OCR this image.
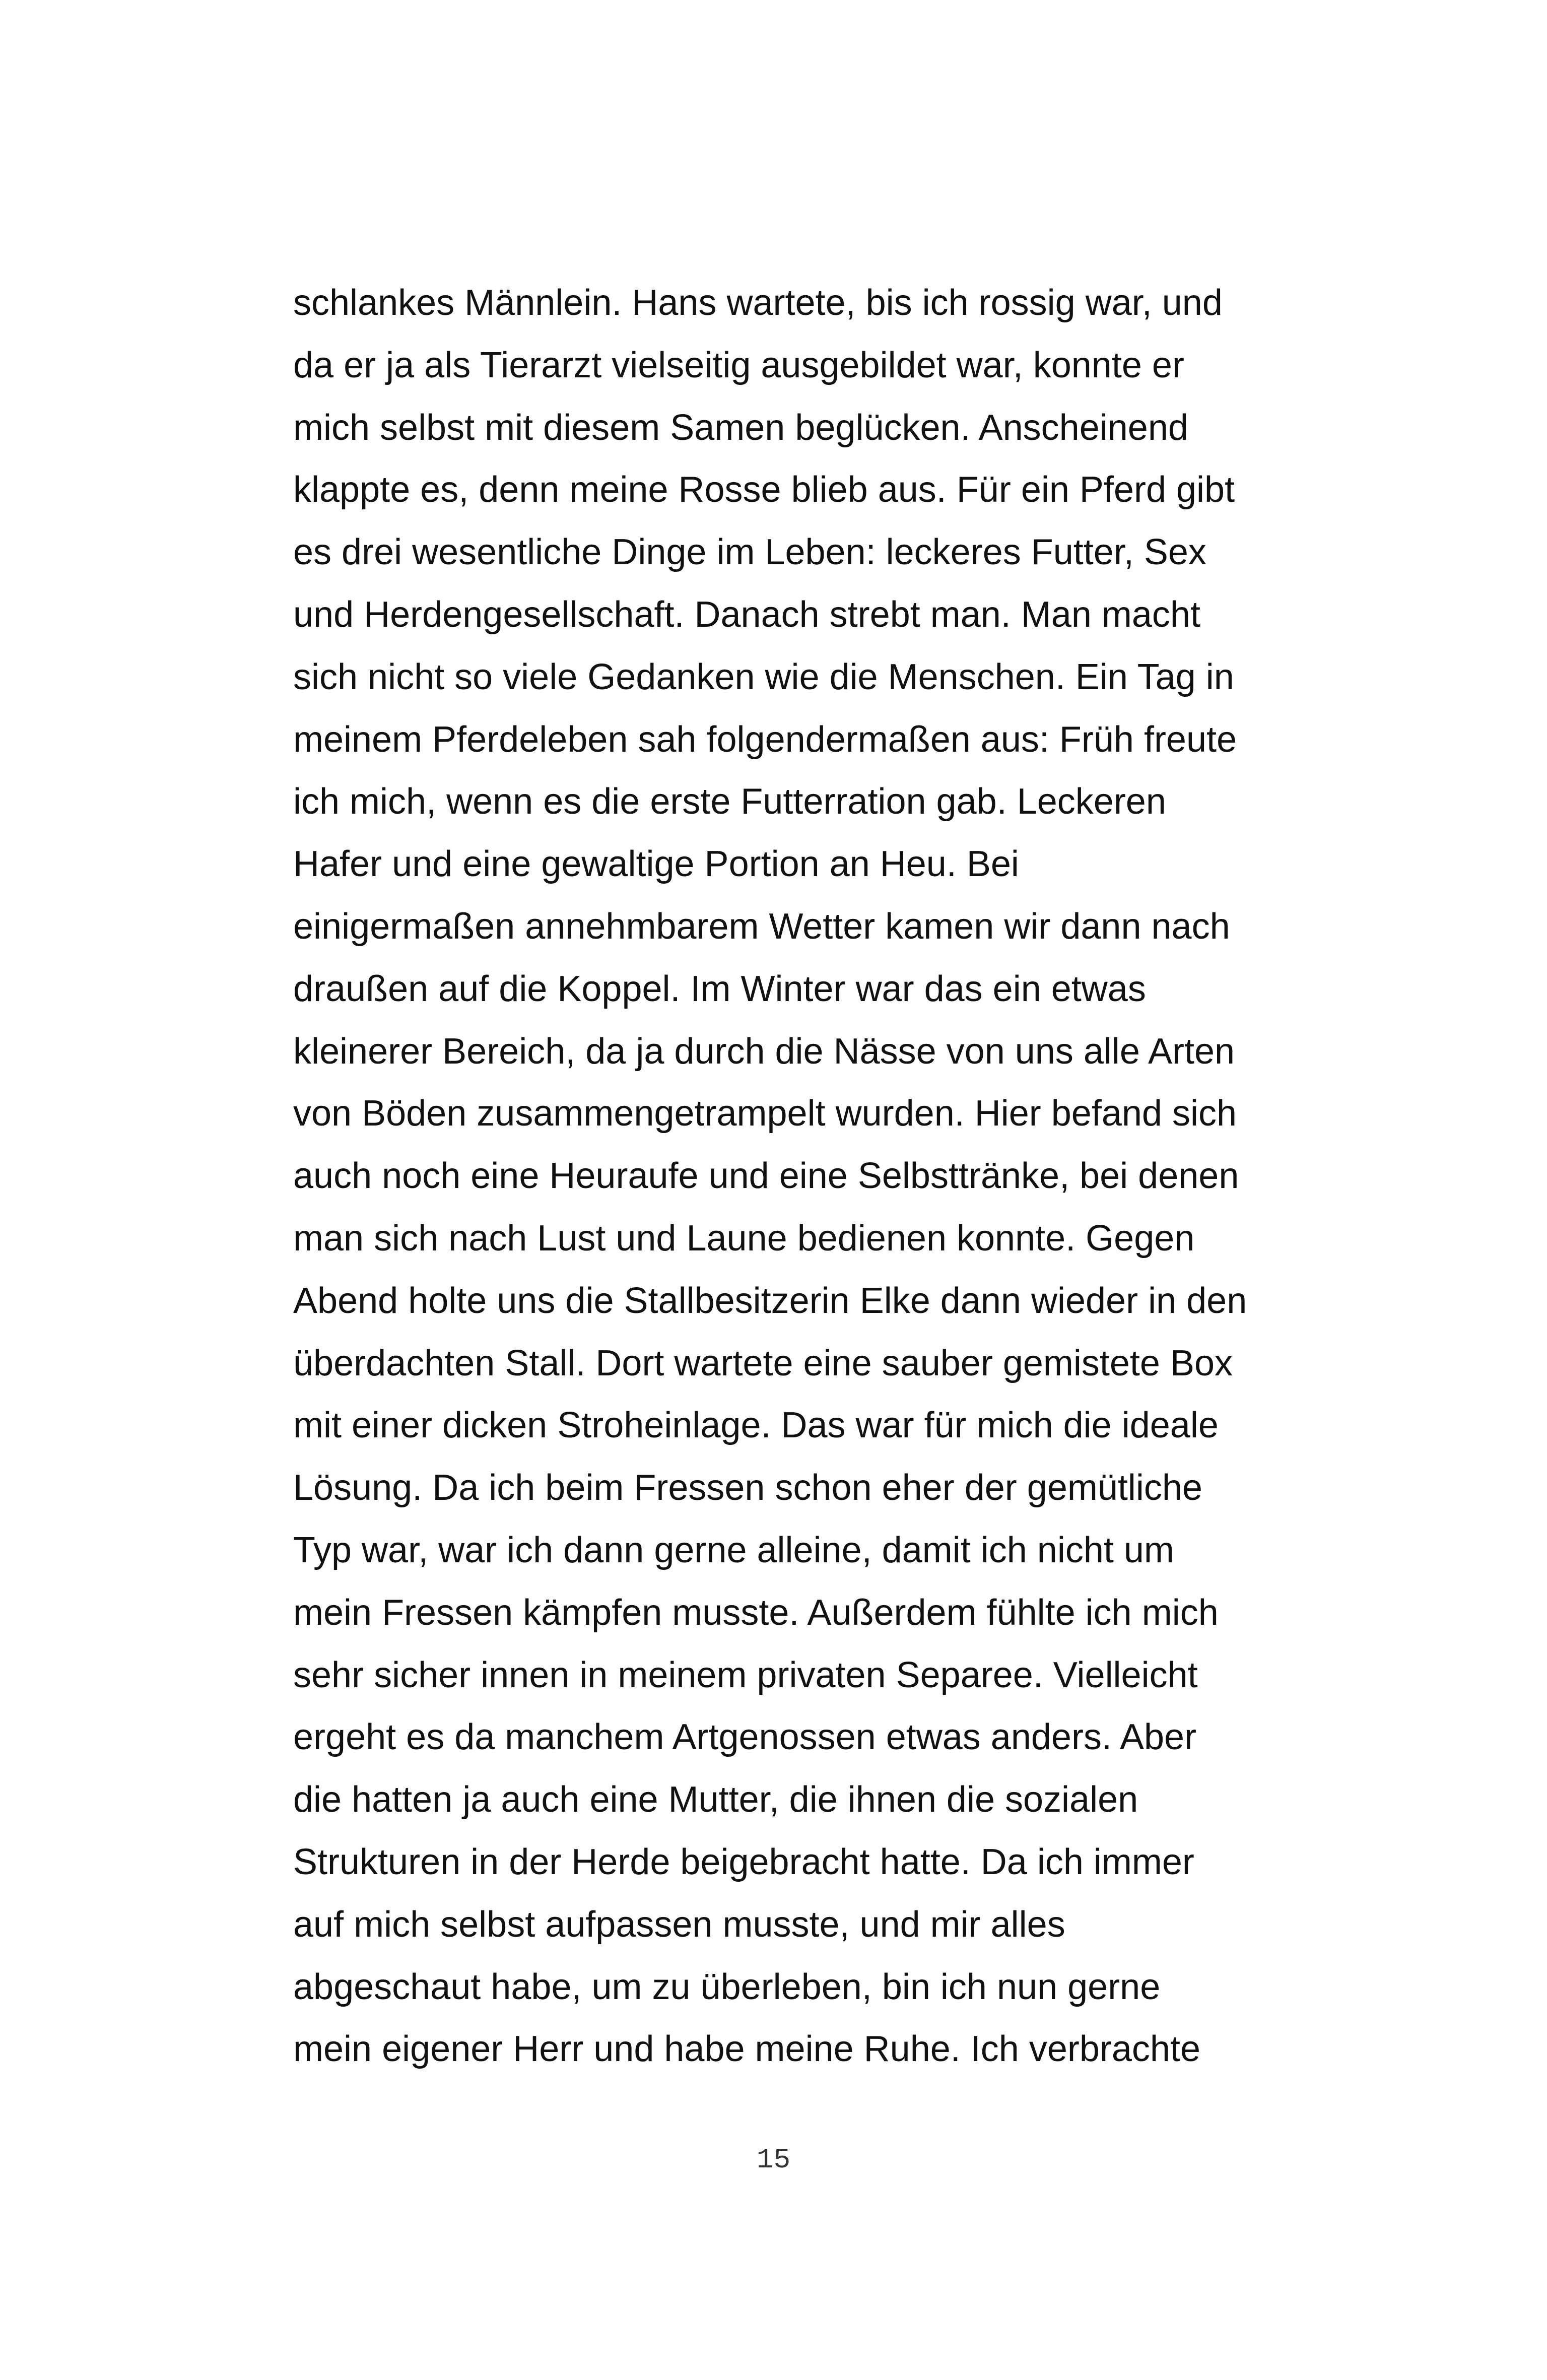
schlankes Männlein. Hans wartete, bis ich rossig war, und
da er ja als Tierarzt vielseitig ausgebildet war, konnte er
mich selbst mit diesem Samen beglücken. Anscheinend
klappte es, denn meine Rosse blieb aus. Für ein Pferd gibt
es drei wesentliche Dinge im Leben: leckeres Futter, Sex
und Herdengesellschaft. Danach strebt man. Man macht
sich nicht so viele Gedanken wie die Menschen. Ein Tag in
meinem Pferdeleben sah folgendermaßen aus: Früh freute
ich mich, wenn es die erste Futterration gab. Leckeren
Hafer und eine gewaltige Portion an Heu. Bei
einigermaßen annehmbarem Wetter kamen wir dann nach
draußen auf die Koppel. Im Winter war das ein etwas
kleinerer Bereich, da ja durch die Nässe von uns alle Arten
von Böden zusammengetrampelt wurden. Hier befand sich
auch noch eine Heuraufe und eine Selbsttränke, bei denen
man sich nach Lust und Laune bedienen konnte. Gegen
Abend holte uns die Stallbesitzerin Elke dann wieder in den
überdachten Stall. Dort wartete eine sauber gemistete Box
mit einer dicken Stroheinlage. Das war für mich die ideale
Lösung. Da ich beim Fressen schon eher der gemütliche
Typ war, war ich dann gerne alleine, damit ich nicht um
mein Fressen kämpfen musste. Außerdem fühlte ich mich
sehr sicher innen in meinem privaten Separee. Vielleicht
ergeht es da manchem Artgenossen etwas anders. Aber
die hatten ja auch eine Mutter, die ihnen die sozialen
Strukturen in der Herde beigebracht hatte. Da ich immer
auf mich selbst aufpassen musste, und mir alles
abgeschaut habe, um zu überleben, bin ich nun gerne
mein eigener Herr und habe meine Ruhe. Ich verbrachte
15
